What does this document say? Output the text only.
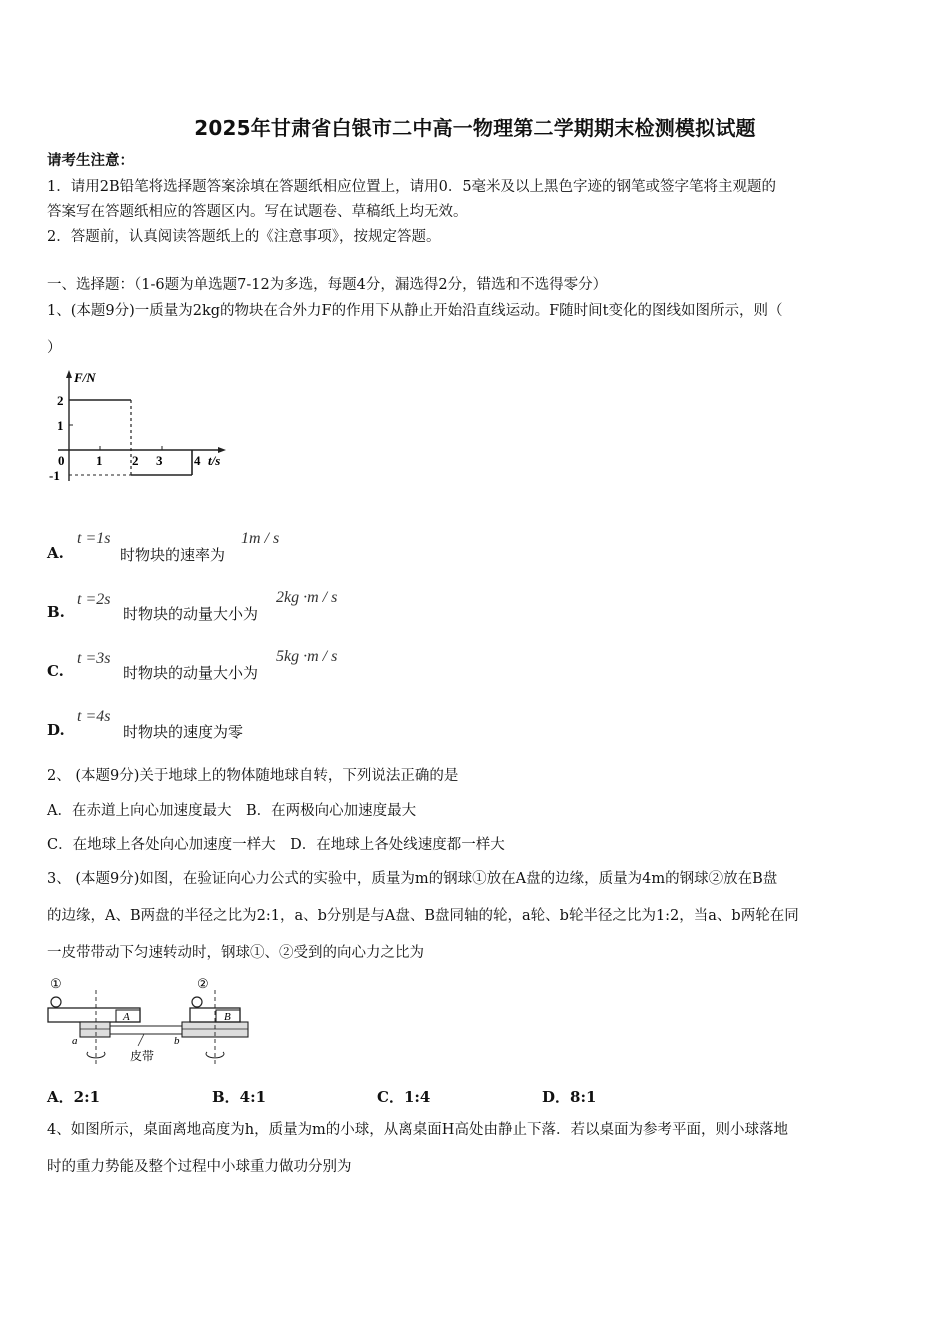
2025年甘肃省白银市二中高一物理第二学期期末检测模拟试题
请考生注意：
1．请用2B铅笔将选择题答案涂填在答题纸相应位置上，请用0．5毫米及以上黑色字迹的钢笔或签字笔将主观题的
答案写在答题纸相应的答题区内。写在试题卷、草稿纸上均无效。
2．答题前，认真阅读答题纸上的《注意事项》，按规定答题。
一、选择题：（1-6题为单选题7-12为多选，每题4分，漏选得2分，错选和不选得零分）
1、(本题9分)一质量为2kg的物块在合外力F的作用下从静止开始沿直线运动。F随时间t变化的图线如图所示，则（
）
F/N
t/s
2
1
-1
0 1 2 3 4
A.
t =1s
时物块的速率为
1m / s
B.
t =2s
时物块的动量大小为
2kg ·m / s
C.
t =3s
时物块的动量大小为
5kg ·m / s
D.
t =4s
时物块的速度为零
2、 (本题9分)关于地球上的物体随地球自转，下列说法正确的是
A．在赤道上向心加速度最大　B．在两极向心加速度最大
C．在地球上各处向心加速度一样大　D．在地球上各处线速度都一样大
3、 (本题9分)如图，在验证向心力公式的实验中，质量为m的钢球①放在A盘的边缘，质量为4m的钢球②放在B盘
的边缘，A、B两盘的半径之比为2:1，a、b分别是与A盘、B盘同轴的轮，a轮、b轮半径之比为1:2，当a、b两轮在同
一皮带带动下匀速转动时，钢球①、②受到的向心力之比为
①
A
a
皮带
b
B
②
A．2:1	B．4:1	C．1:4	D．8:1
4、如图所示，桌面离地高度为h，质量为m的小球，从离桌面H高处由静止下落．若以桌面为参考平面，则小球落地
时的重力势能及整个过程中小球重力做功分别为
